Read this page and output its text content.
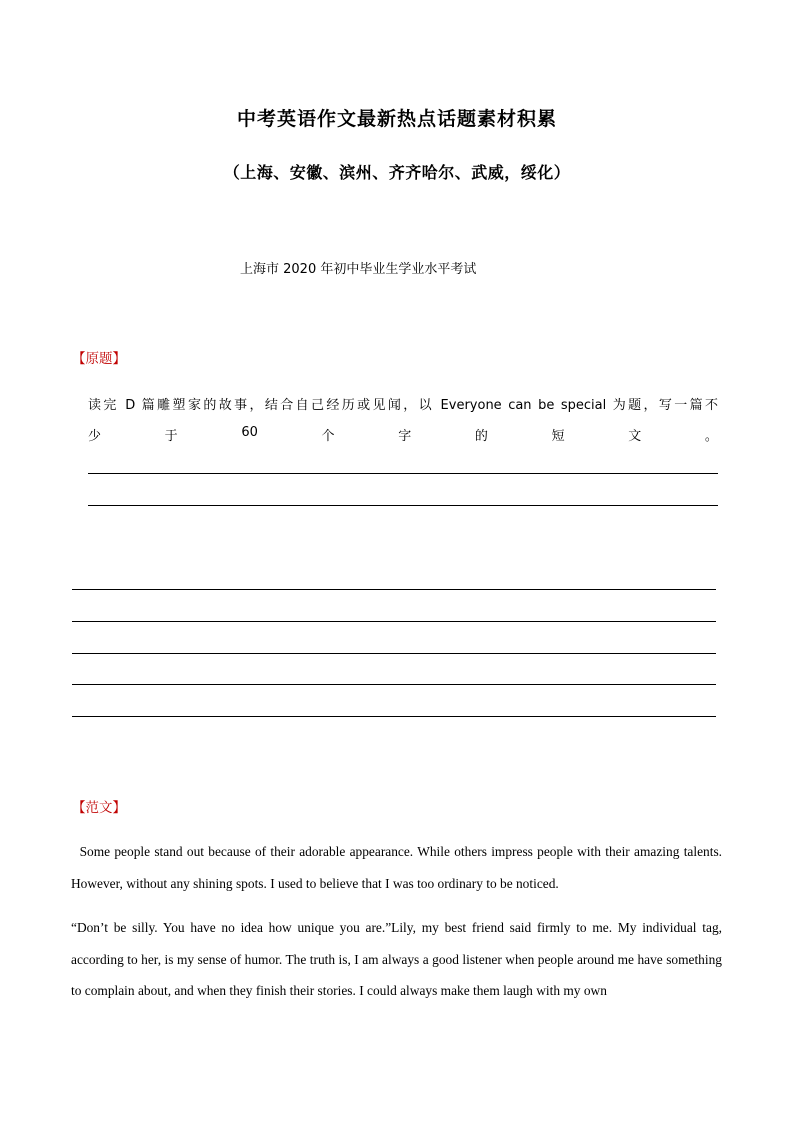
中考英语作文最新热点话题素材积累
（上海、安徽、滨州、齐齐哈尔、武威，绥化）
上海市 2020 年初中毕业生学业水平考试
【原题】
读完 D 篇雕塑家的故事，结合自己经历或见闻，以 Everyone can be special 为题，写一篇不
少	于	60	个	字	的	短	文	。
【范文】
Some people stand out because of their adorable appearance. While others impress people with their amazing talents. However, without any shining spots. I used to believe that I was too ordinary to be noticed.
“Don’t be silly. You have no idea how unique you are.”Lily, my best friend said firmly to me. My individual tag, according to her, is my sense of humor. The truth is, I am always a good listener when people around me have something to complain about, and when they finish their stories. I could always make them laugh with my own
